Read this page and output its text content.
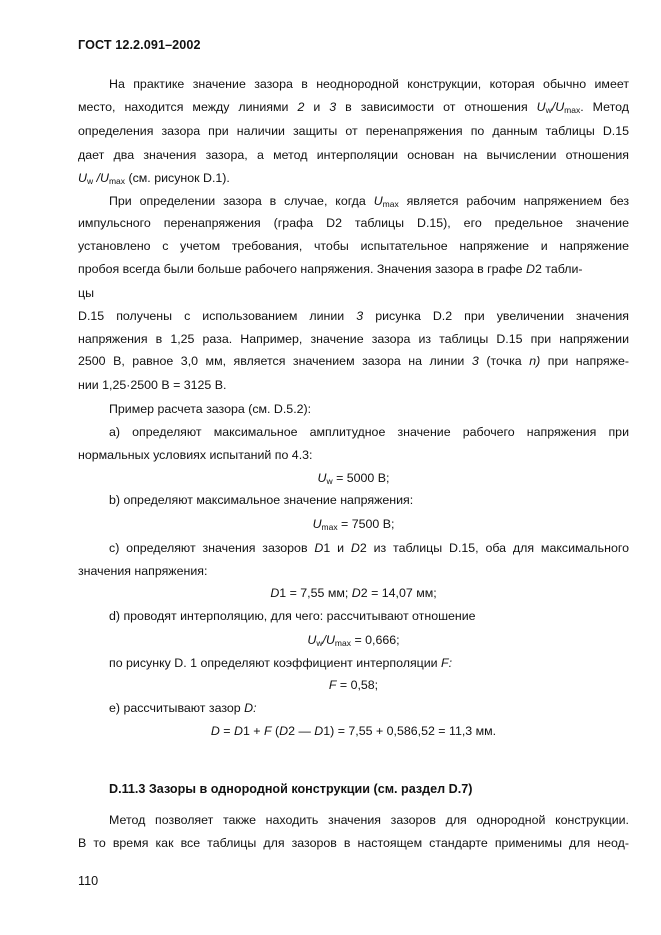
ГОСТ 12.2.091–2002
На практике значение зазора в неоднородной конструкции, которая обычно имеет
место, находится между линиями 2 и 3 в зависимости от отношения $U_w/U_{max}$. Метод
определения зазора при наличии защиты от перенапряжения по данным таблицы D.15
дает два значения зазора, а метод интерполяции основан на вычислении отношения
$U_w$ $/U_{max}$ (см. рисунок D.1).
При определении зазора в случае, когда $U_{max}$ является рабочим напряжением без
импульсного перенапряжения (графа D2 таблицы D.15), его предельное значение
установлено с учетом требования, чтобы испытательное напряжение и напряжение
пробоя всегда были больше рабочего напряжения. Значения зазора в графе D2 табли-
цы
D.15 получены с использованием линии 3 рисунка D.2 при увеличении значения
напряжения в 1,25 раза. Например, значение зазора из таблицы D.15 при напряжении
2500 В, равное 3,0 мм, является значением зазора на линии 3 (точка n) при напряже-
нии 1,25·2500 В = 3125 В.
Пример расчета зазора (см. D.5.2):
a) определяют максимальное амплитудное значение рабочего напряжения при
нормальных условиях испытаний по 4.3:
$U_w = 5000$ В;
b) определяют максимальное значение напряжения:
$U_{max} = 7500$ В;
c) определяют значения зазоров D1 и D2 из таблицы D.15, оба для максимального
значения напряжения:
D1 = 7,55 мм; D2 = 14,07 мм;
d) проводят интерполяцию, для чего: рассчитывают отношение
$U_w/U_{max} = 0,666$;
по рисунку D. 1 определяют коэффициент интерполяции F:
F = 0,58;
e) рассчитывают зазор D:
D = D1 + F (D2 — D1) = 7,55 + 0,586,52 = 11,3 мм.
D.11.3 Зазоры в однородной конструкции (см. раздел D.7)
Метод позволяет также находить значения зазоров для однородной конструкции.
В то время как все таблицы для зазоров в настоящем стандарте применимы для неод-
110
